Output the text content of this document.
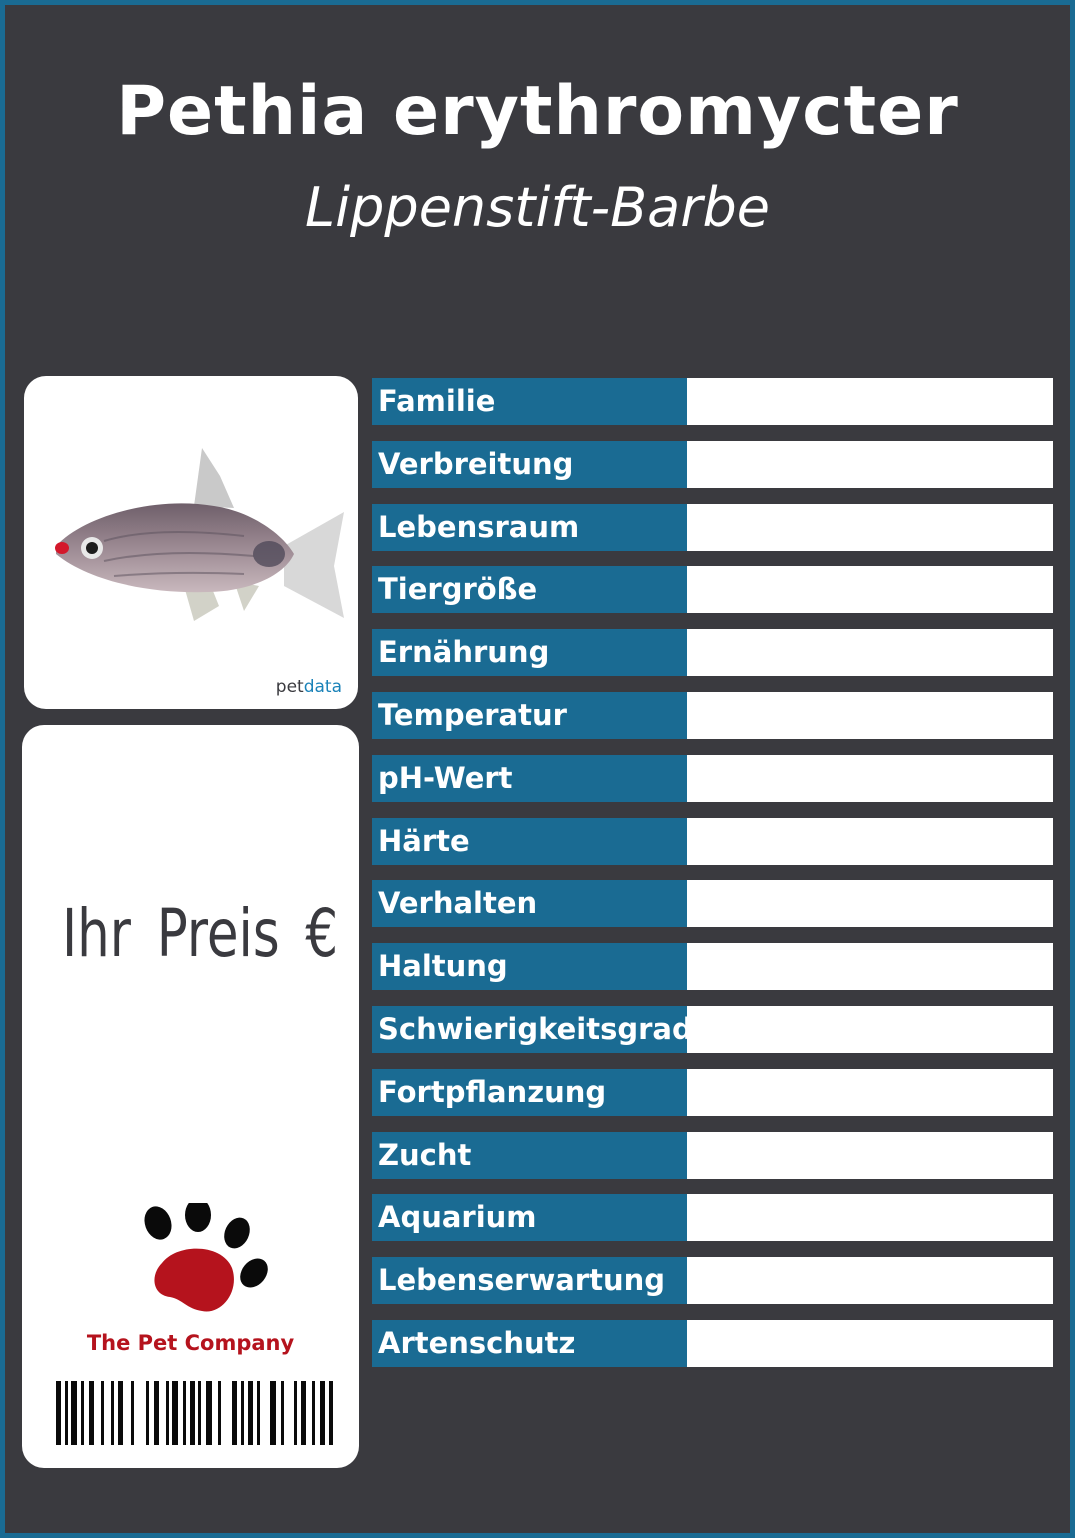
Pethia erythromycter
Lippenstift-Barbe
petdata
Ihr Preis €
The Pet Company
Familie
Verbreitung
Lebensraum
Tiergröße
Ernährung
Temperatur
pH-Wert
Härte
Verhalten
Haltung
Schwierigkeitsgrad
Fortpflanzung
Zucht
Aquarium
Lebenserwartung
Artenschutz
